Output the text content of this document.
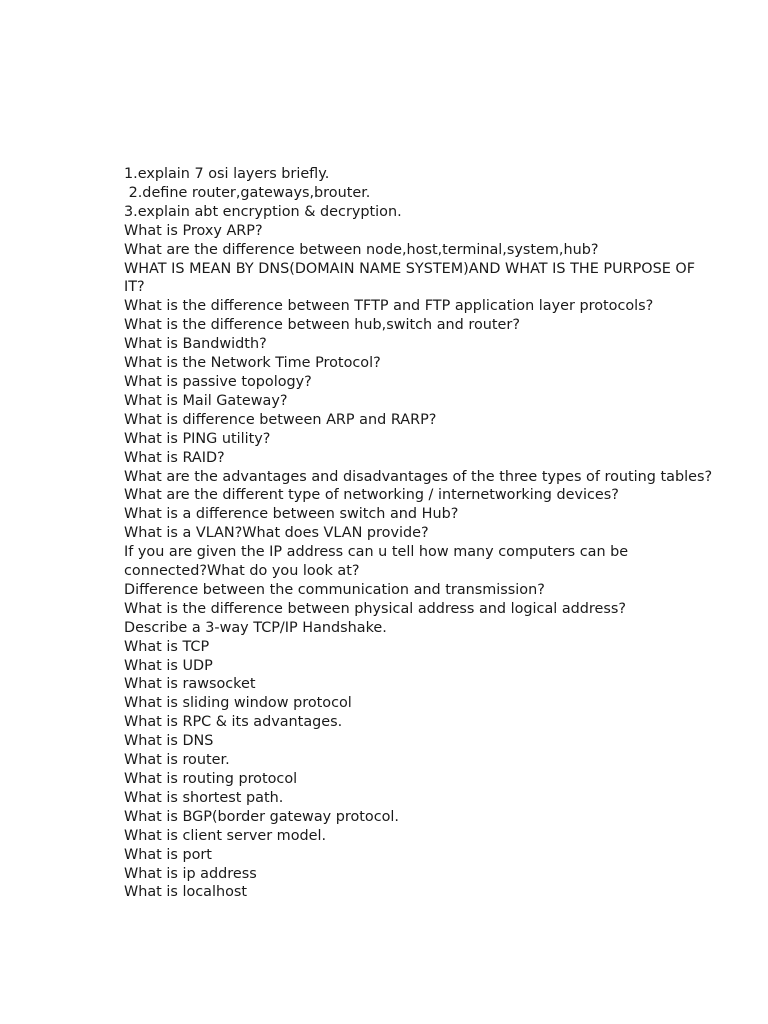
1.explain 7 osi layers briefly.

2.define router,gateways,brouter.

3.explain abt encryption & decryption.

What is Proxy ARP?

What are the difference between node,host,terminal,system,hub?

WHAT IS MEAN BY DNS(DOMAIN NAME SYSTEM)AND WHAT IS THE PURPOSE OF IT?

What is the difference between TFTP and FTP application layer protocols?

What is the difference between hub,switch and router?

What is Bandwidth?

What is the Network Time Protocol?

What is passive topology?

What is Mail Gateway?

What is difference between ARP and RARP?

What is PING utility?

What is RAID?

What are the advantages and disadvantages of the three types of routing tables?

What are the different type of networking / internetworking devices?

What is a difference between switch and Hub?

What is a VLAN?What does VLAN provide?

If you are given the IP address can u tell how many computers can be connected?What do you look at?

Difference between the communication and transmission?

What is the difference between physical address and logical address?

Describe a 3-way TCP/IP Handshake.

What is TCP

What is UDP

What is rawsocket

What is sliding window protocol

What is RPC & its advantages.

What is DNS

What is router.

What is routing protocol

What is shortest path.

What is BGP(border gateway protocol.

What is client server model.

What is port

What is ip address

What is localhost
